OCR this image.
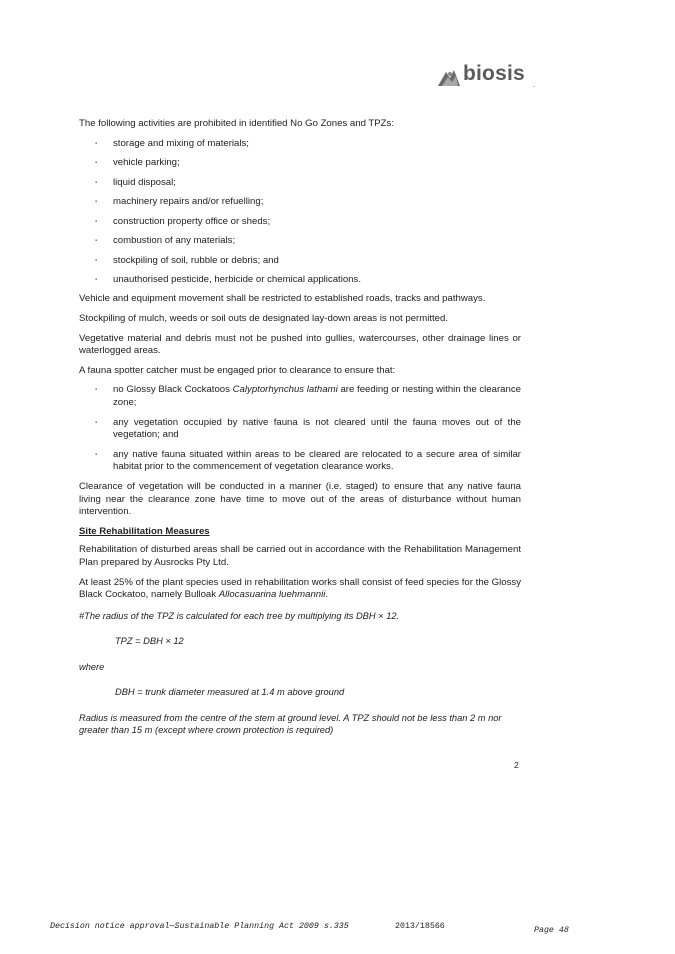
biosis .

The following activities are prohibited in identified No Go Zones and TPZs:

▪ storage and mixing of materials;
▪ vehicle parking;
▪ liquid disposal;
▪ machinery repairs and/or refuelling;
▪ construction property office or sheds;
▪ combustion of any materials;
▪ stockpiling of soil, rubble or debris; and
▪ unauthorised pesticide, herbicide or chemical applications.

Vehicle and equipment movement shall be restricted to established roads, tracks and pathways.

Stockpiling of mulch, weeds or soil outs de designated lay-down areas is not permitted.

Vegetative material and debris must not be pushed into gullies, watercourses, other drainage lines or waterlogged areas.

A fauna spotter catcher must be engaged prior to clearance to ensure that:

▪ no Glossy Black Cockatoos Calyptorhynchus lathami are feeding or nesting within the clearance zone;
▪ any vegetation occupied by native fauna is not cleared until the fauna moves out of the vegetation; and
▪ any native fauna situated within areas to be cleared are relocated to a secure area of similar habitat prior to the commencement of vegetation clearance works.

Clearance of vegetation will be conducted in a manner (i.e. staged) to ensure that any native fauna living near the clearance zone have time to move out of the areas of disturbance without human intervention.

Site Rehabilitation Measures

Rehabilitation of disturbed areas shall be carried out in accordance with the Rehabilitation Management Plan prepared by Ausrocks Pty Ltd.

At least 25% of the plant species used in rehabilitation works shall consist of feed species for the Glossy Black Cockatoo, namely Bulloak Allocasuarina luehmannii.

#The radius of the TPZ is calculated for each tree by multiplying its DBH × 12.

TPZ = DBH × 12

where

DBH = trunk diameter measured at 1.4 m above ground

Radius is measured from the centre of the stem at ground level. A TPZ should not be less than 2 m nor greater than 15 m (except where crown protection is required)

2
Decision notice approval—Sustainable Planning Act 2009 s.335	2013/18566	Page 48
